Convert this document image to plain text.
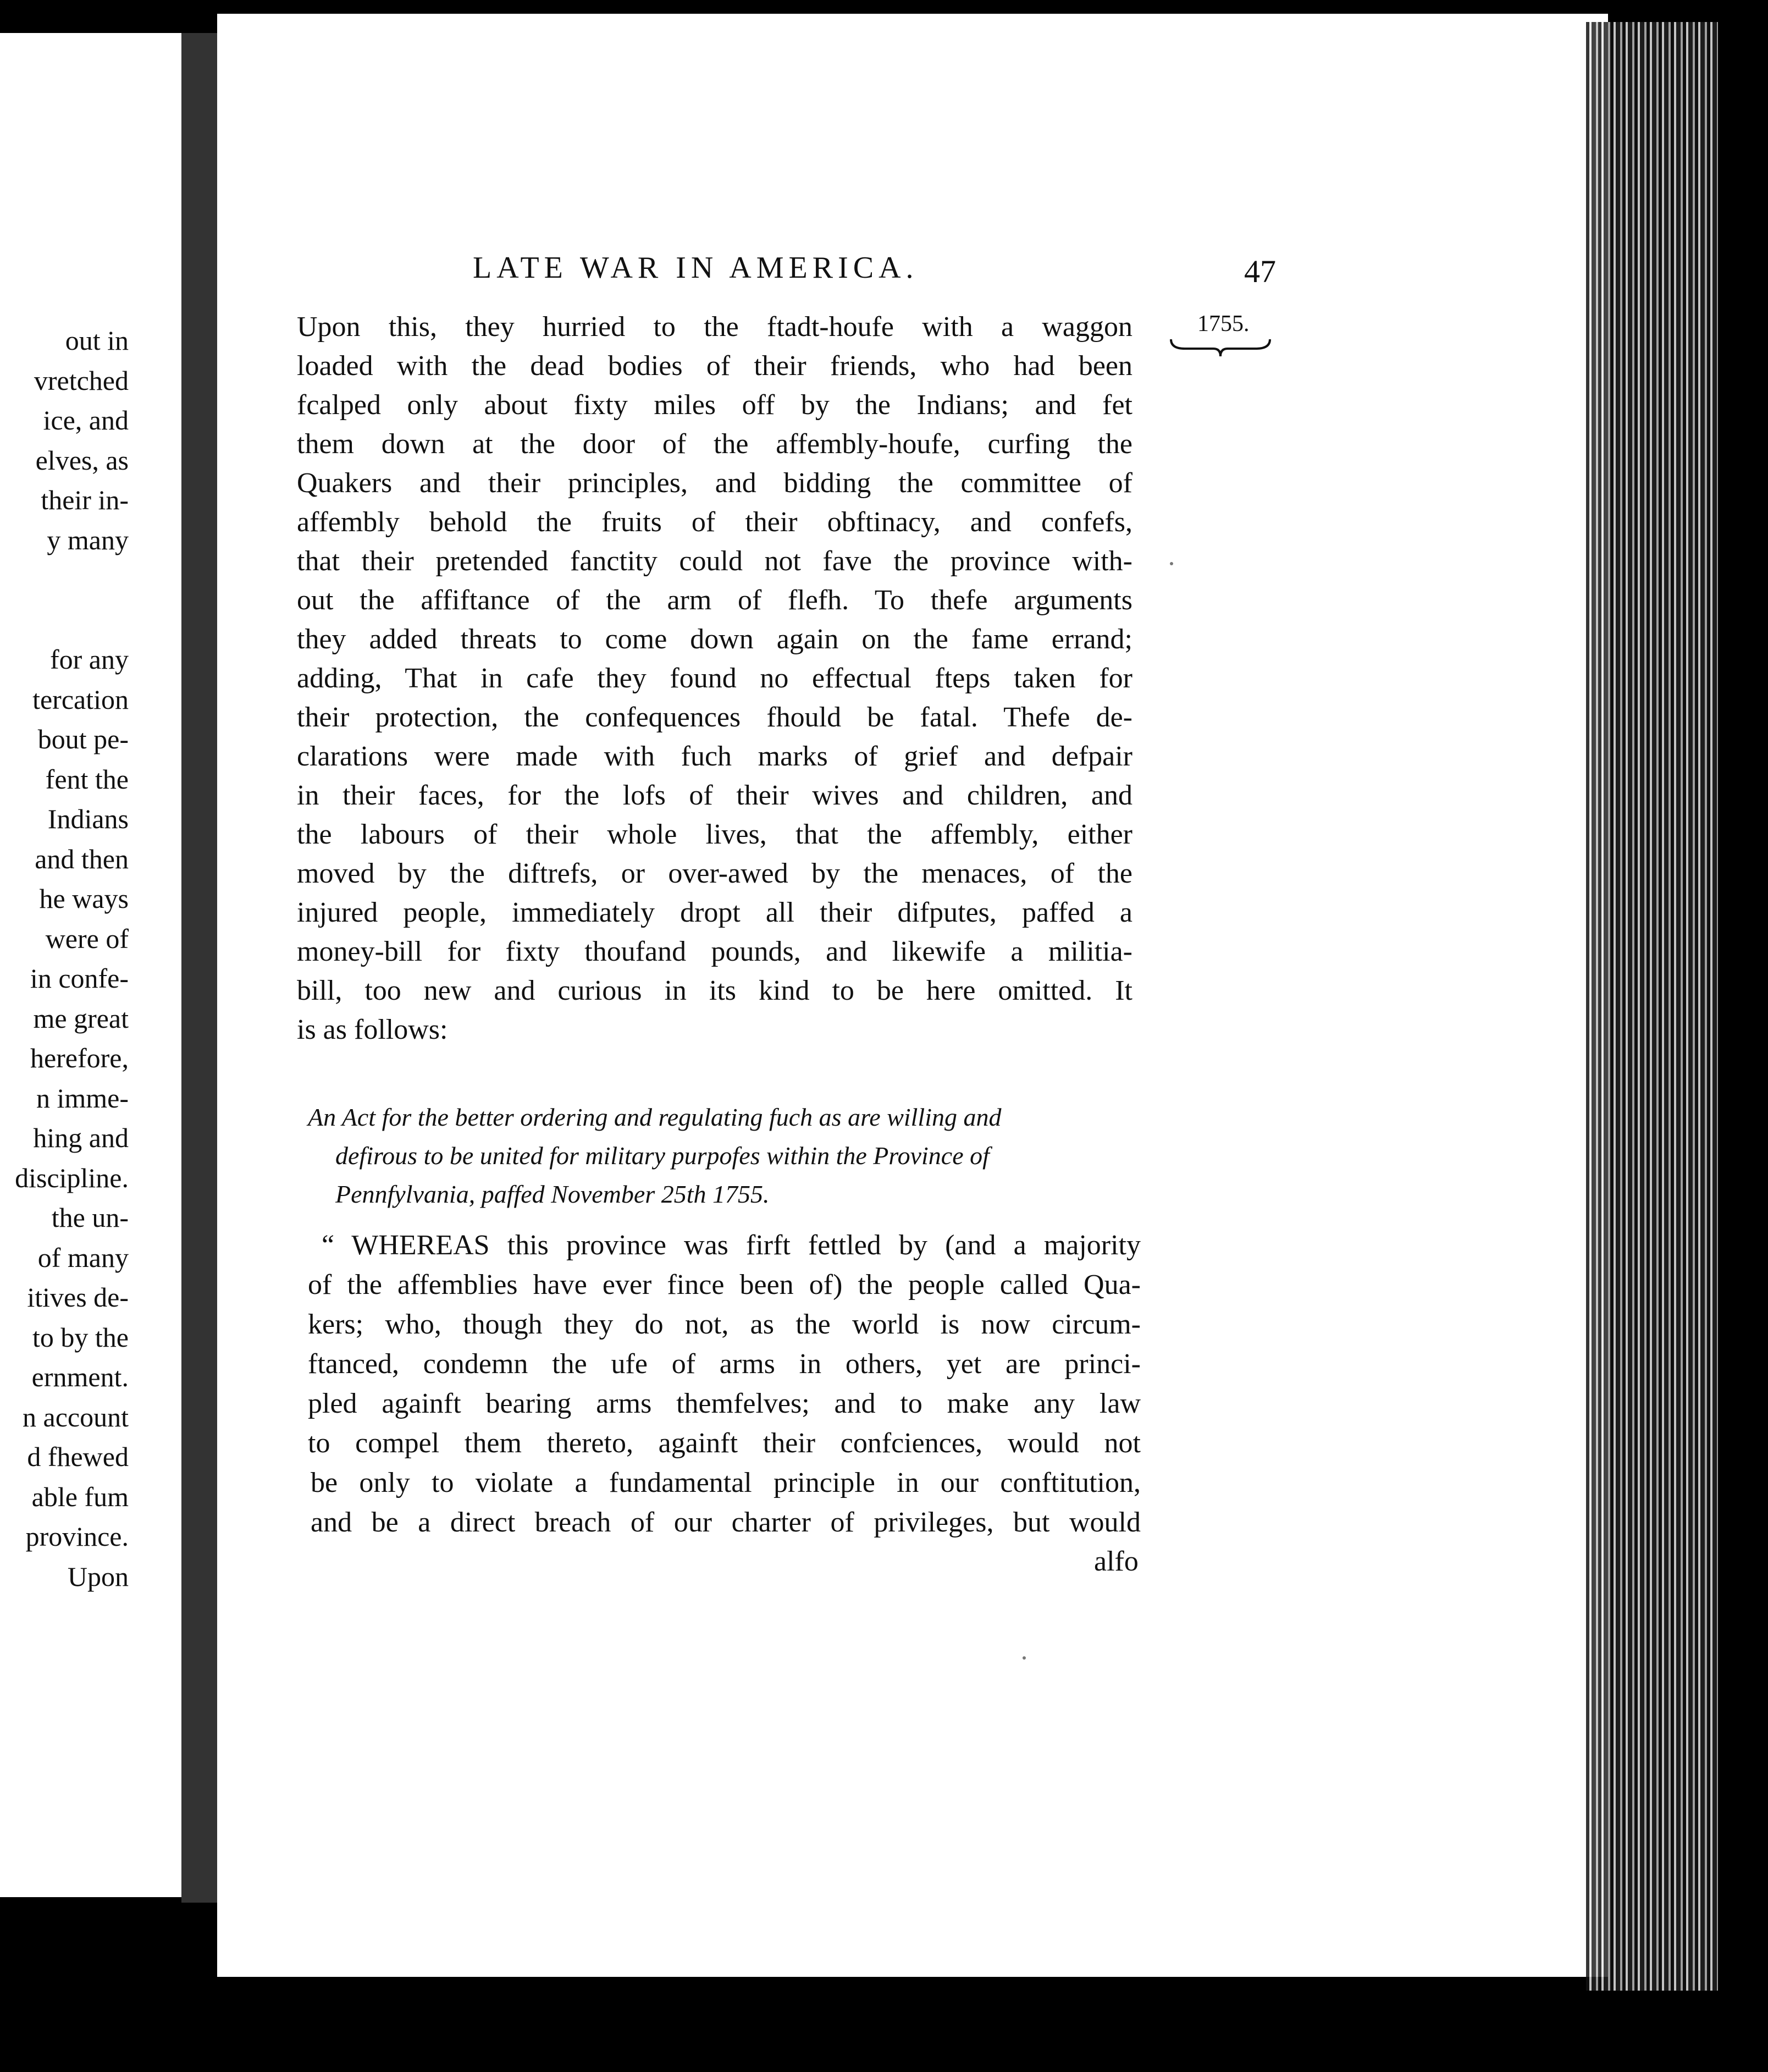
out in
vretched
ice, and
elves, as
their in-
y many
for any
tercation
bout pe-
fent the
Indians
and then
he ways
were of
in confe-
me great
herefore,
n imme-
hing and
discipline.
the un-
of many
itives de-
to by the
ernment.
n account
d fhewed
able fum
province.
Upon
LATE WAR IN AMERICA.	47
1755.
Upon this, they hurried to the ftadt-houfe with a waggon
loaded with the dead bodies of their friends, who had been
fcalped only about fixty miles off by the Indians; and fet
them down at the door of the affembly-houfe, curfing the
Quakers and their principles, and bidding the committee of
affembly behold the fruits of their obftinacy, and confefs,
that their pretended fanctity could not fave the province with-
out the affiftance of the arm of flefh. To thefe arguments
they added threats to come down again on the fame errand;
adding, That in cafe they found no effectual fteps taken for
their protection, the confequences fhould be fatal. Thefe de-
clarations were made with fuch marks of grief and defpair
in their faces, for the lofs of their wives and children, and
the labours of their whole lives, that the affembly, either
moved by the diftrefs, or over-awed by the menaces, of the
injured people, immediately dropt all their difputes, paffed a
money-bill for fixty thoufand pounds, and likewife a militia-
bill, too new and curious in its kind to be here omitted. It
is as follows:
An Act for the better ordering and regulating fuch as are willing and
defirous to be united for military purpofes within the Province of
Pennfylvania, paffed November 25th 1755.
“ WHEREAS this province was firft fettled by (and a majority
of the affemblies have ever fince been of) the people called Qua-
kers; who, though they do not, as the world is now circum-
ftanced, condemn the ufe of arms in others, yet are princi-
pled againft bearing arms themfelves; and to make any law
to compel them thereto, againft their confciences, would not
be only to violate a fundamental principle in our conftitution,
and be a direct breach of our charter of privileges, but would
alfo
